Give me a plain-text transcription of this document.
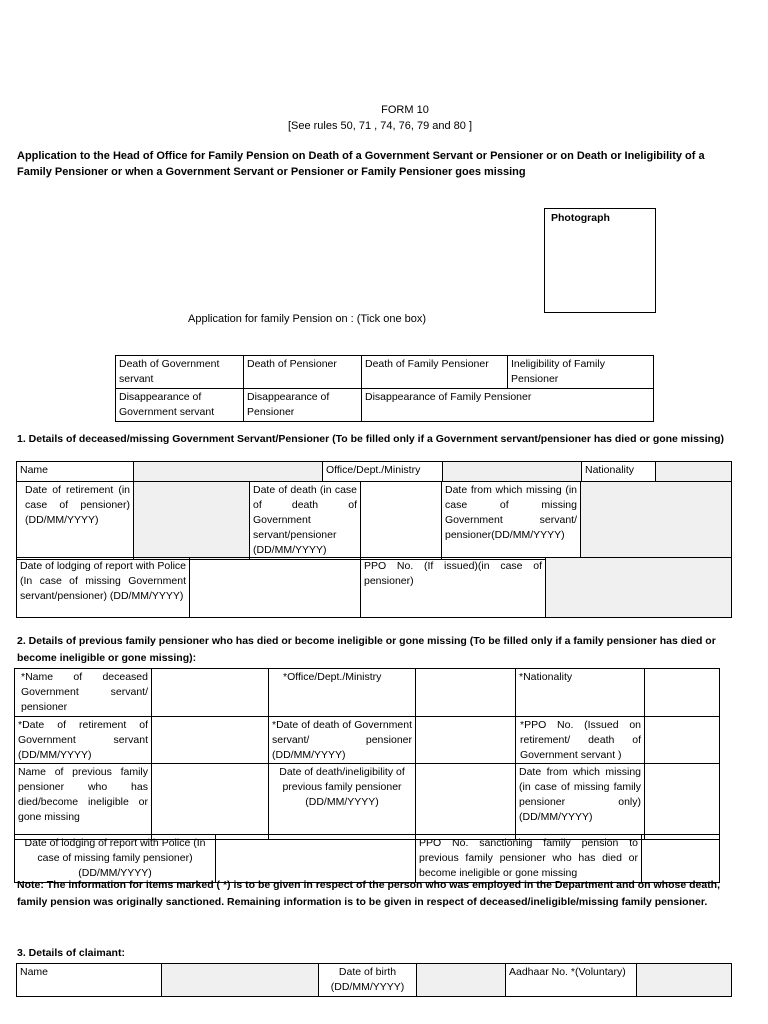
FORM 10
[See rules 50, 71 , 74, 76, 79 and 80 ]
Application to the Head of Office for Family Pension on Death of a Government Servant or Pensioner or on Death or Ineligibility of a Family Pensioner or when a Government Servant or Pensioner or Family Pensioner goes missing
Photograph
Application for family Pension on : (Tick one box)
Death of Government servant	Death of Pensioner	Death of Family Pensioner	Ineligibility of Family Pensioner
Disappearance of Government servant	Disappearance of Pensioner	Disappearance of Family Pensioner	
1. Details of deceased/missing Government Servant/Pensioner (To be filled only if a Government servant/pensioner has died or gone missing)
Name		Office/Dept./Ministry		Nationality	
Date of retirement (in case of pensioner) (DD/MM/YYYY)		Date of death (in case of death of Government servant/pensioner (DD/MM/YYYY)		Date from which missing (in case of missing Government servant/ pensioner(DD/MM/YYYY)	
Date of lodging of report with Police (In case of missing Government servant/pensioner) (DD/MM/YYYY)		PPO No. (If issued)(in case of pensioner)	
2. Details of previous family pensioner who has died or become ineligible or gone missing (To be filled only if a family pensioner has died or become ineligible or gone missing):
*Name of deceased Government servant/ pensioner		*Office/Dept./Ministry		*Nationality	
*Date of retirement of Government servant (DD/MM/YYYY)		*Date of death of Government servant/ pensioner (DD/MM/YYYY)		*PPO No. (Issued on retirement/ death of Government servant )	
Name of previous family pensioner who has died/become ineligible or gone missing		Date of death/ineligibility of previous family pensioner (DD/MM/YYYY)		Date from which missing (in case of missing family pensioner only) (DD/MM/YYYY)	
Date of lodging of report with Police (In case of missing family pensioner) (DD/MM/YYYY)		PPO No. sanctioning family pension to previous family pensioner who has died or become ineligible or gone missing	
Note: The information for items marked ( *) is to be given in respect of the person who was employed in the Department and on whose death, family pension was originally sanctioned. Remaining information is to be given in respect of deceased/ineligible/missing family pensioner.
3. Details of claimant:
Name		Date of birth (DD/MM/YYYY)		Aadhaar No. *(Voluntary)	
